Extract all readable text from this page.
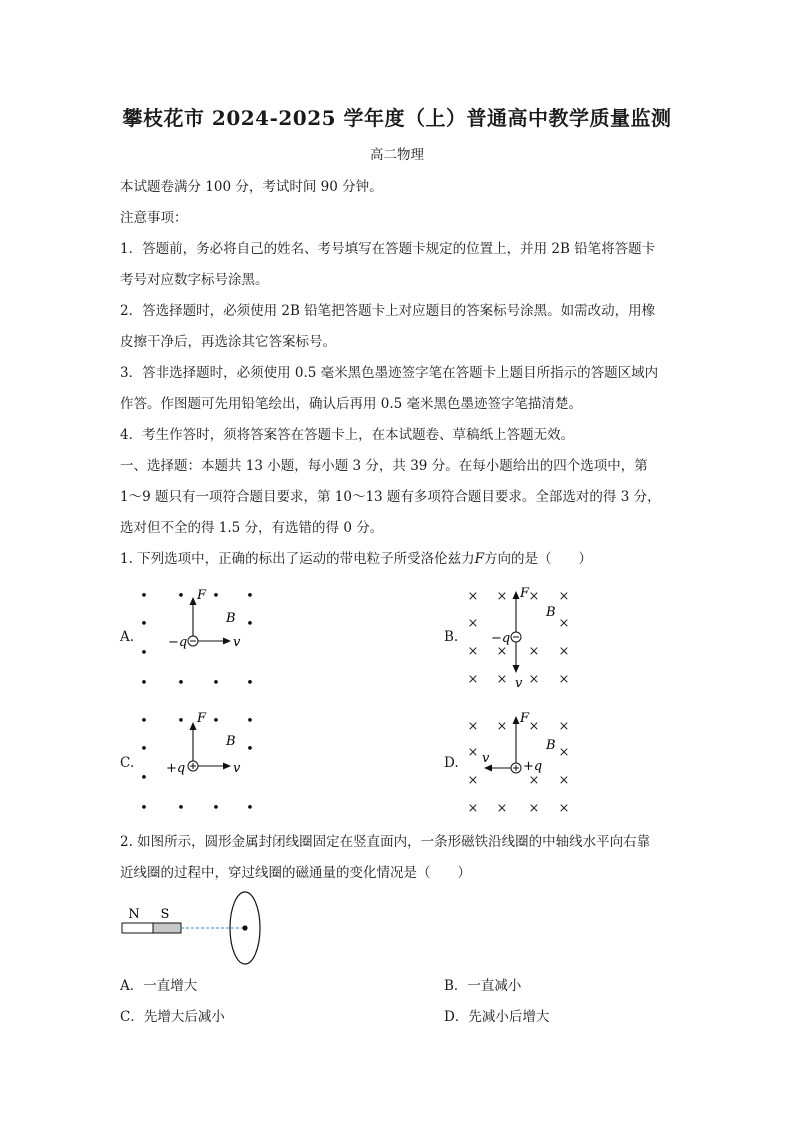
攀枝花市 2024-2025 学年度（上）普通高中教学质量监测
高二物理
本试题卷满分 100 分，考试时间 90 分钟。
注意事项：
1．答题前，务必将自己的姓名、考号填写在答题卡规定的位置上，并用 2B 铅笔将答题卡
考号对应数字标号涂黑。
2．答选择题时，必须使用 2B 铅笔把答题卡上对应题目的答案标号涂黑。如需改动，用橡
皮擦干净后，再选涂其它答案标号。
3．答非选择题时，必须使用 0.5 毫米黑色墨迹签字笔在答题卡上题目所指示的答题区域内
作答。作图题可先用铅笔绘出，确认后再用 0.5 毫米黑色墨迹签字笔描清楚。
4．考生作答时，须将答案答在答题卡上，在本试题卷、草稿纸上答题无效。
一、选择题：本题共 13 小题，每小题 3 分，共 39 分。在每小题给出的四个选项中，第
1～9 题只有一项符合题目要求，第 10～13 题有多项符合题目要求。全部选对的得 3 分，
选对但不全的得 1.5 分，有选错的得 0 分。
1. 下列选项中，正确的标出了运动的带电粒子所受洛伦兹力F方向的是（　　）
A.	B.
C.	D.
• • • •
•	•
•
• • • •
F
B
−q	v
× × × ×
×	×
× × × ×
× × × ×
F
B
−q
v
• • • •
•	•
•
• • • •
F
B
+q	v
× × × ×
×	×
×	× ×
× × × ×
F
B
v
+q
2. 如图所示，圆形金属封闭线圈固定在竖直面内，一条形磁铁沿线圈的中轴线水平向右靠
近线圈的过程中，穿过线圈的磁通量的变化情况是（　　）
N S
A．一直增大	B．一直减小
C．先增大后减小	D．先减小后增大
